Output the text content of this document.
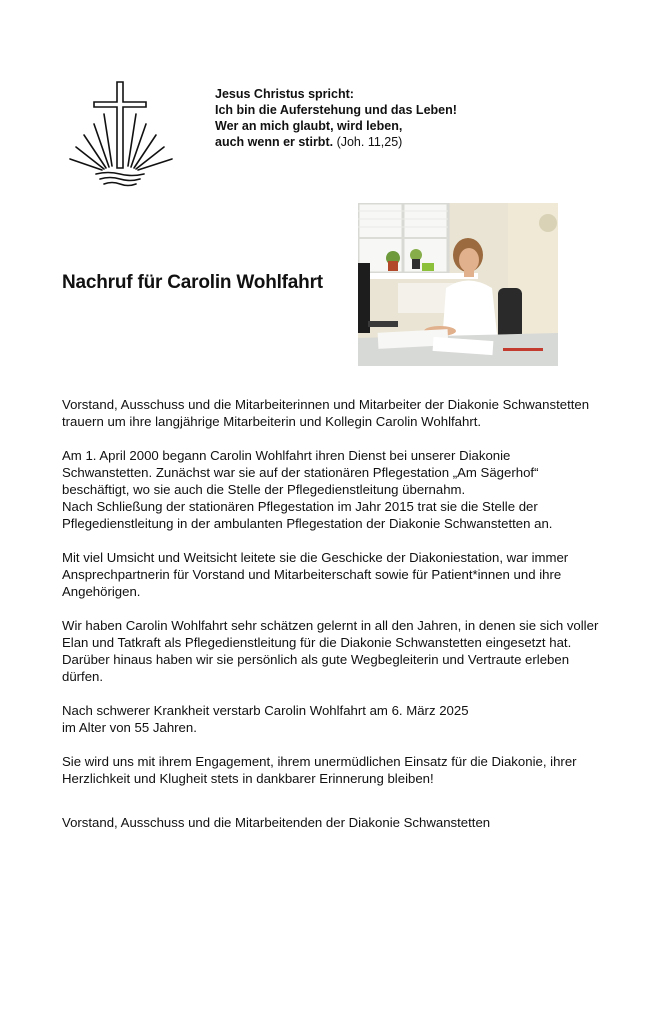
Jesus Christus spricht:
Ich bin die Auferstehung und das Leben!
Wer an mich glaubt, wird leben,
auch wenn er stirbt. (Joh. 11,25)
Nachruf für Carolin Wohlfahrt

Vorstand, Ausschuss und die Mitarbeiterinnen und Mitarbeiter der Diakonie Schwanstetten trauern um ihre langjährige Mitarbeiterin und Kollegin Carolin Wohlfahrt.

Am 1. April 2000 begann Carolin Wohlfahrt ihren Dienst bei unserer Diakonie Schwanstetten. Zunächst war sie auf der stationären Pflegestation „Am Sägerhof“ beschäftigt, wo sie auch die Stelle der Pflegedienstleitung übernahm.
Nach Schließung der stationären Pflegestation im Jahr 2015 trat sie die Stelle der Pflegedienstleitung in der ambulanten Pflegestation der Diakonie Schwanstetten an.

Mit viel Umsicht und Weitsicht leitete sie die Geschicke der Diakoniestation, war immer Ansprechpartnerin für Vorstand und Mitarbeiterschaft sowie für Patient*innen und ihre Angehörigen.

Wir haben Carolin Wohlfahrt sehr schätzen gelernt in all den Jahren, in denen sie sich voller Elan und Tatkraft als Pflegedienstleitung für die Diakonie Schwanstetten eingesetzt hat. Darüber hinaus haben wir sie persönlich als gute Wegbegleiterin und Vertraute erleben dürfen.

Nach schwerer Krankheit verstarb Carolin Wohlfahrt am 6. März 2025
im Alter von 55 Jahren.

Sie wird uns mit ihrem Engagement, ihrem unermüdlichen Einsatz für die Diakonie, ihrer Herzlichkeit und Klugheit stets in dankbarer Erinnerung bleiben!

Vorstand, Ausschuss und die Mitarbeitenden der Diakonie Schwanstetten
